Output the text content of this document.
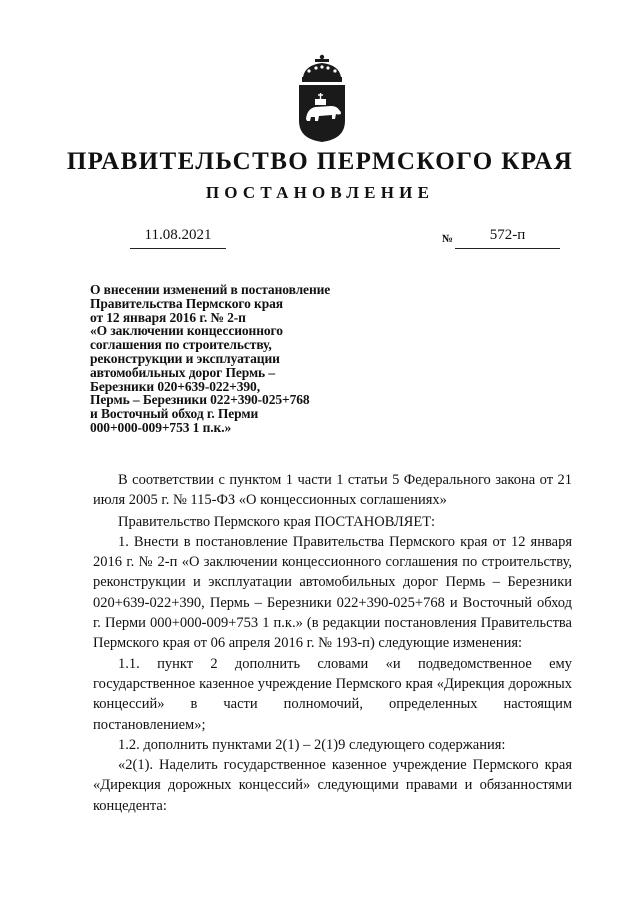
ПРАВИТЕЛЬСТВО ПЕРМСКОГО КРАЯ
ПОСТАНОВЛЕНИЕ
11.08.2021	№	572-п
О внесении изменений в постановление
Правительства Пермского края
от 12 января 2016 г. № 2-п
«О заключении концессионного
соглашения по строительству,
реконструкции и эксплуатации
автомобильных дорог Пермь –
Березники 020+639-022+390,
Пермь – Березники 022+390-025+768
и Восточный обход г. Перми
000+000-009+753 1 п.к.»

В соответствии с пунктом 1 части 1 статьи 5 Федерального закона от 21 июля 2005 г. № 115-ФЗ «О концессионных соглашениях»

Правительство Пермского края ПОСТАНОВЛЯЕТ:

1. Внести в постановление Правительства Пермского края от 12 января 2016 г. № 2-п «О заключении концессионного соглашения по строительству, реконструкции и эксплуатации автомобильных дорог Пермь – Березники 020+639-022+390, Пермь – Березники 022+390-025+768 и Восточный обход г. Перми 000+000-009+753 1 п.к.» (в редакции постановления Правительства Пермского края от 06 апреля 2016 г. № 193-п) следующие изменения:

1.1. пункт 2 дополнить словами «и подведомственное ему государственное казенное учреждение Пермского края «Дирекция дорожных концессий» в части полномочий, определенных настоящим постановлением»;

1.2. дополнить пунктами 2(1) – 2(1)9 следующего содержания:

«2(1). Наделить государственное казенное учреждение Пермского края «Дирекция дорожных концессий» следующими правами и обязанностями концедента:
